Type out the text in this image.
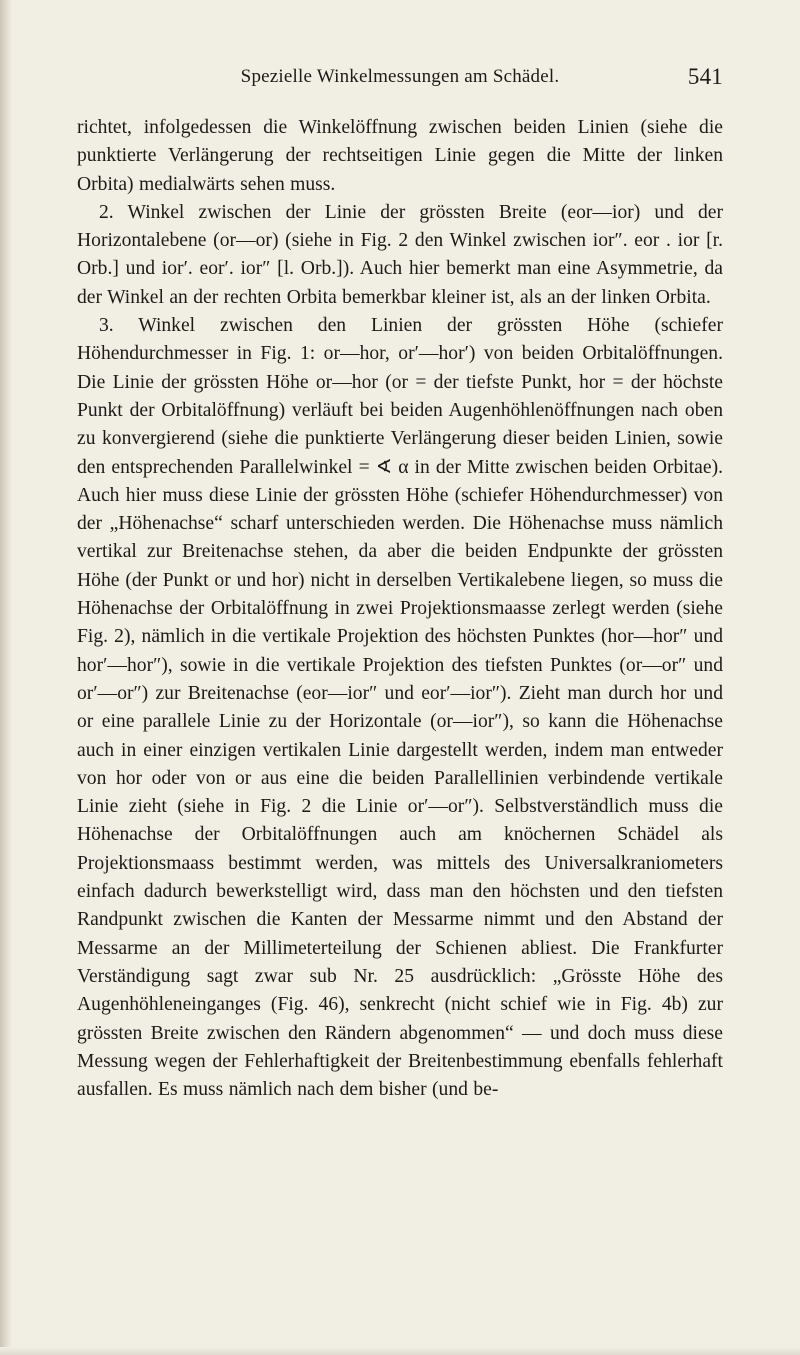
Spezielle Winkelmessungen am Schädel.	541

richtet, infolgedessen die Winkelöffnung zwischen beiden Linien (siehe die punktierte Verlängerung der rechtseitigen Linie gegen die Mitte der linken Orbita) medialwärts sehen muss.

2. Winkel zwischen der Linie der grössten Breite (eor—ior) und der Horizontalebene (or—or) (siehe in Fig. 2 den Winkel zwischen ior″. eor . ior [r. Orb.] und ior′. eor′. ior″ [l. Orb.]). Auch hier bemerkt man eine Asymmetrie, da der Winkel an der rechten Orbita bemerkbar kleiner ist, als an der linken Orbita.

3. Winkel zwischen den Linien der grössten Höhe (schiefer Höhendurchmesser in Fig. 1: or—hor, or′—hor′) von beiden Orbitalöffnungen. Die Linie der grössten Höhe or—hor (or = der tiefste Punkt, hor = der höchste Punkt der Orbitalöffnung) verläuft bei beiden Augenhöhlenöffnungen nach oben zu konvergierend (siehe die punktierte Verlängerung dieser beiden Linien, sowie den entsprechenden Parallelwinkel = ∢ α in der Mitte zwischen beiden Orbitae). Auch hier muss diese Linie der grössten Höhe (schiefer Höhendurchmesser) von der „Höhenachse“ scharf unterschieden werden. Die Höhenachse muss nämlich vertikal zur Breitenachse stehen, da aber die beiden Endpunkte der grössten Höhe (der Punkt or und hor) nicht in derselben Vertikalebene liegen, so muss die Höhenachse der Orbitalöffnung in zwei Projektionsmaasse zerlegt werden (siehe Fig. 2), nämlich in die vertikale Projektion des höchsten Punktes (hor—hor″ und hor′—hor″), sowie in die vertikale Projektion des tiefsten Punktes (or—or″ und or′—or″) zur Breitenachse (eor—ior″ und eor′—ior″). Zieht man durch hor und or eine parallele Linie zu der Horizontale (or—ior″), so kann die Höhenachse auch in einer einzigen vertikalen Linie dargestellt werden, indem man entweder von hor oder von or aus eine die beiden Parallellinien verbindende vertikale Linie zieht (siehe in Fig. 2 die Linie or′—or″). Selbstverständlich muss die Höhenachse der Orbitalöffnungen auch am knöchernen Schädel als Projektionsmaass bestimmt werden, was mittels des Universalkraniometers einfach dadurch bewerkstelligt wird, dass man den höchsten und den tiefsten Randpunkt zwischen die Kanten der Messarme nimmt und den Abstand der Messarme an der Millimeterteilung der Schienen abliest. Die Frankfurter Verständigung sagt zwar sub Nr. 25 ausdrücklich: „Grösste Höhe des Augenhöhleneinganges (Fig. 46), senkrecht (nicht schief wie in Fig. 4b) zur grössten Breite zwischen den Rändern abgenommen“ — und doch muss diese Messung wegen der Fehlerhaftigkeit der Breitenbestimmung ebenfalls fehlerhaft ausfallen. Es muss nämlich nach dem bisher (und be-
